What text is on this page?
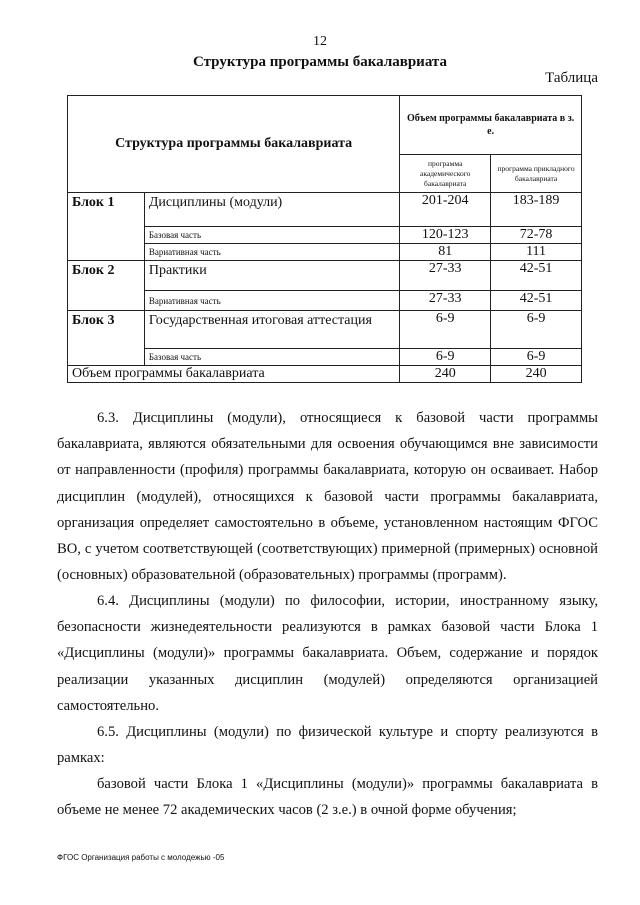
12
Структура программы бакалавриата
Таблица
Структура программы бакалавриата		Объем программы бакалавриата в з. е.	
		программа академического бакалавриата	программа прикладного бакалавриата
Блок 1	Дисциплины (модули)	201-204	183-189
	Базовая часть	120-123	72-78
	Вариативная часть	81	111
Блок 2	Практики	27-33	42-51
	Вариативная часть	27-33	42-51
Блок 3	Государственная итоговая аттестация	6-9	6-9
	Базовая часть	6-9	6-9
Объем программы бакалавриата		240	240

6.3. Дисциплины (модули), относящиеся к базовой части программы бакалавриата, являются обязательными для освоения обучающимся вне зависимости от направленности (профиля) программы бакалавриата, которую он осваивает. Набор дисциплин (модулей), относящихся к базовой части программы бакалавриата, организация определяет самостоятельно в объеме, установленном настоящим ФГОС ВО, с учетом соответствующей (соответствующих) примерной (примерных) основной (основных) образовательной (образовательных) программы (программ).

6.4. Дисциплины (модули) по философии, истории, иностранному языку, безопасности жизнедеятельности реализуются в рамках базовой части Блока 1 «Дисциплины (модули)» программы бакалавриата. Объем, содержание и порядок реализации указанных дисциплин (модулей) определяются организацией самостоятельно.

6.5. Дисциплины (модули) по физической культуре и спорту реализуются в рамках:

базовой части Блока 1 «Дисциплины (модули)» программы бакалавриата в объеме не менее 72 академических часов (2 з.е.) в очной форме обучения;

ФГОС Организация работы с молодежью -05
